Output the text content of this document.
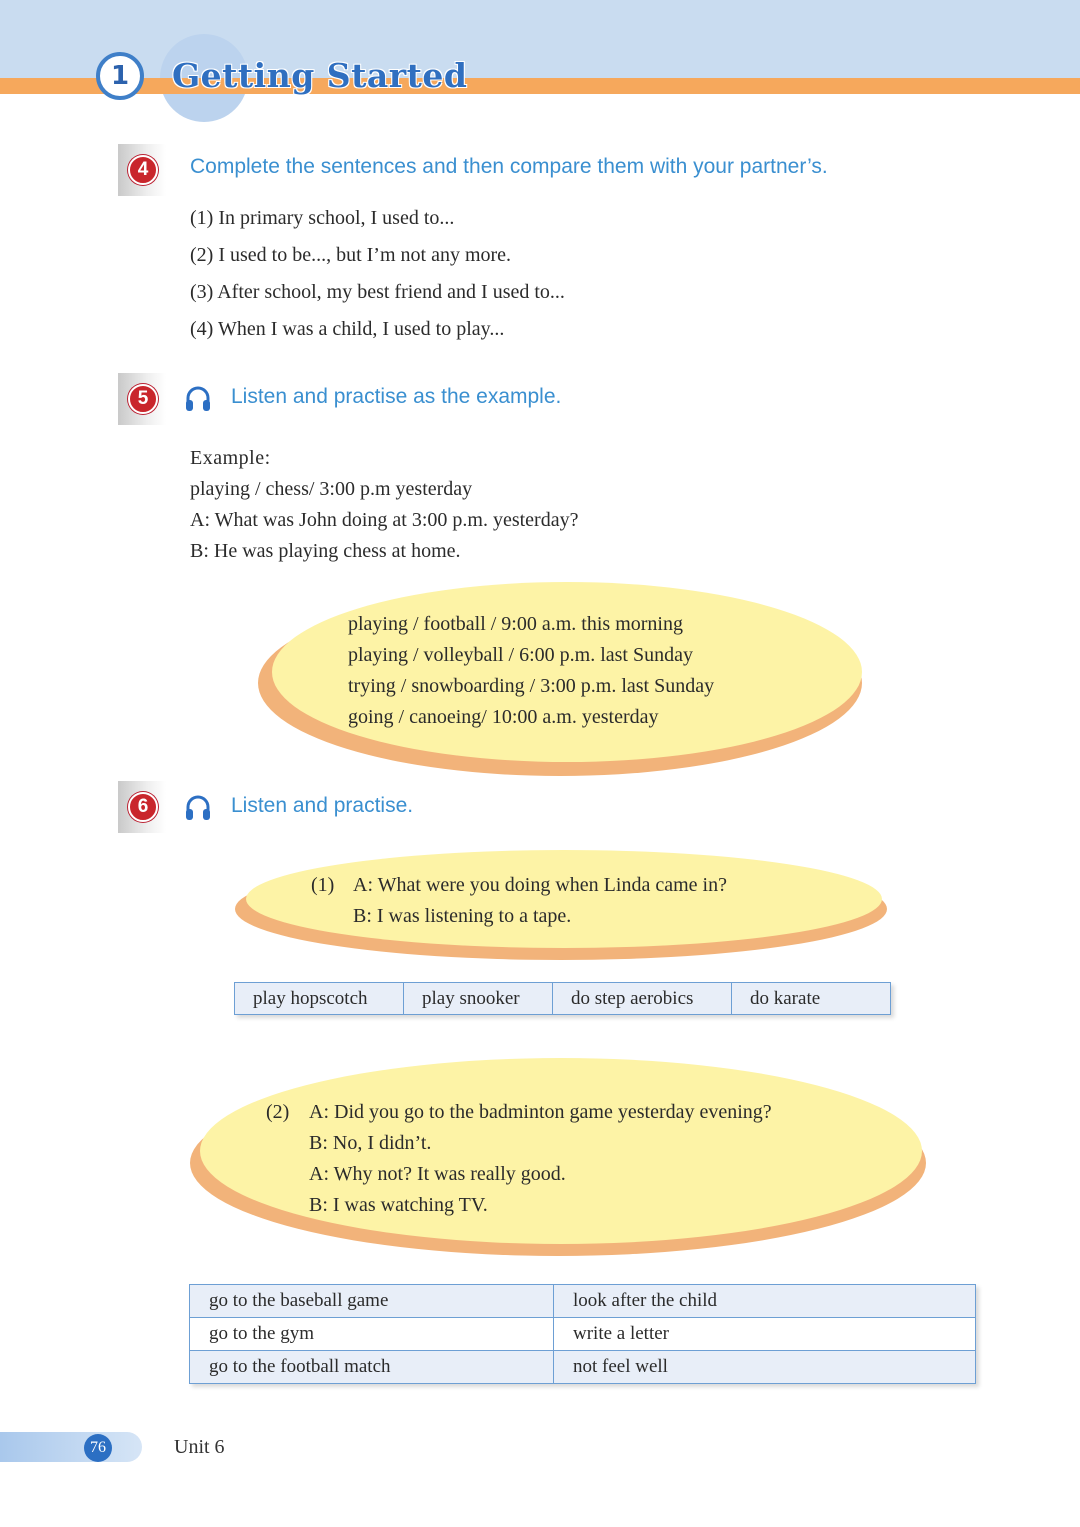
1 Getting Started
4	Complete the sentences and then compare them with your partner’s.
(1) In primary school, I used to...
(2) I used to be..., but I’m not any more.
(3) After school, my best friend and I used to...
(4) When I was a child, I used to play...
5	Listen and practise as the example.
Example:
playing / chess/ 3:00 p.m yesterday
A: What was John doing at 3:00 p.m. yesterday?
B: He was playing chess at home.
playing / football / 9:00 a.m. this morning
playing / volleyball / 6:00 p.m. last Sunday
trying / snowboarding / 3:00 p.m. last Sunday
going / canoeing/ 10:00 a.m. yesterday
6	Listen and practise.
(1) A: What were you doing when Linda came in?
B: I was listening to a tape.
play hopscotch	play snooker	do step aerobics	do karate
(2) A: Did you go to the badminton game yesterday evening?
B: No, I didn’t.
A: Why not? It was really good.
B: I was watching TV.
go to the baseball game	look after the child
go to the gym	write a letter
go to the football match	not feel well
76	Unit 6
